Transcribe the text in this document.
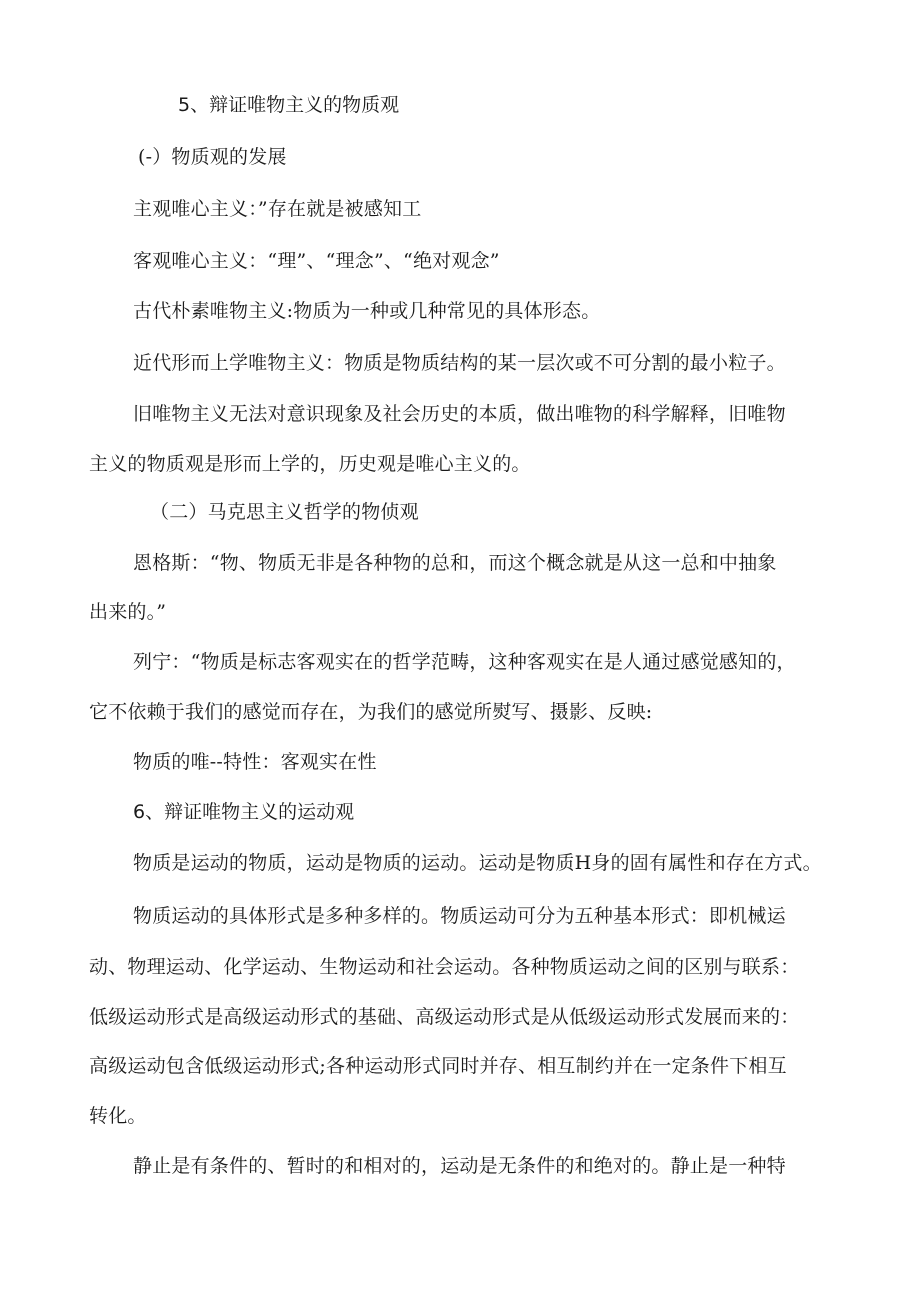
5、辩证唯物主义的物质观
(-）物质观的发展
主观唯心主义：”存在就是被感知工
客观唯心主义：“理”、“理念”、“绝对观念”
古代朴素唯物主义:物质为一种或几种常见的具体形态。
近代形而上学唯物主义：物质是物质结构的某一层次或不可分割的最小粒子。
旧唯物主义无法对意识现象及社会历史的本质，做出唯物的科学解释，旧唯物
主义的物质观是形而上学的，历史观是唯心主义的。
（二）马克思主义哲学的物侦观
恩格斯：“物、物质无非是各种物的总和，而这个概念就是从这一总和中抽象
出来的。”
列宁：“物质是标志客观实在的哲学范畴，这种客观实在是人通过感觉感知的，
它不依赖于我们的感觉而存在，为我们的感觉所熨写、摄影、反映:
物质的唯--特性：客观实在性
6、辩证唯物主义的运动观
物质是运动的物质，运动是物质的运动。运动是物质H身的固有属性和存在方式。
物质运动的具体形式是多种多样的。物质运动可分为五种基本形式：即机械运
动、物理运动、化学运动、生物运动和社会运动。各种物质运动之间的区别与联系：
低级运动形式是高级运动形式的基础、高级运动形式是从低级运动形式发展而来的：
高级运动包含低级运动形式;各种运动形式同时并存、相互制约并在一定条件下相互
转化。
静止是有条件的、暂时的和相对的，运动是无条件的和绝对的。静止是一种特
